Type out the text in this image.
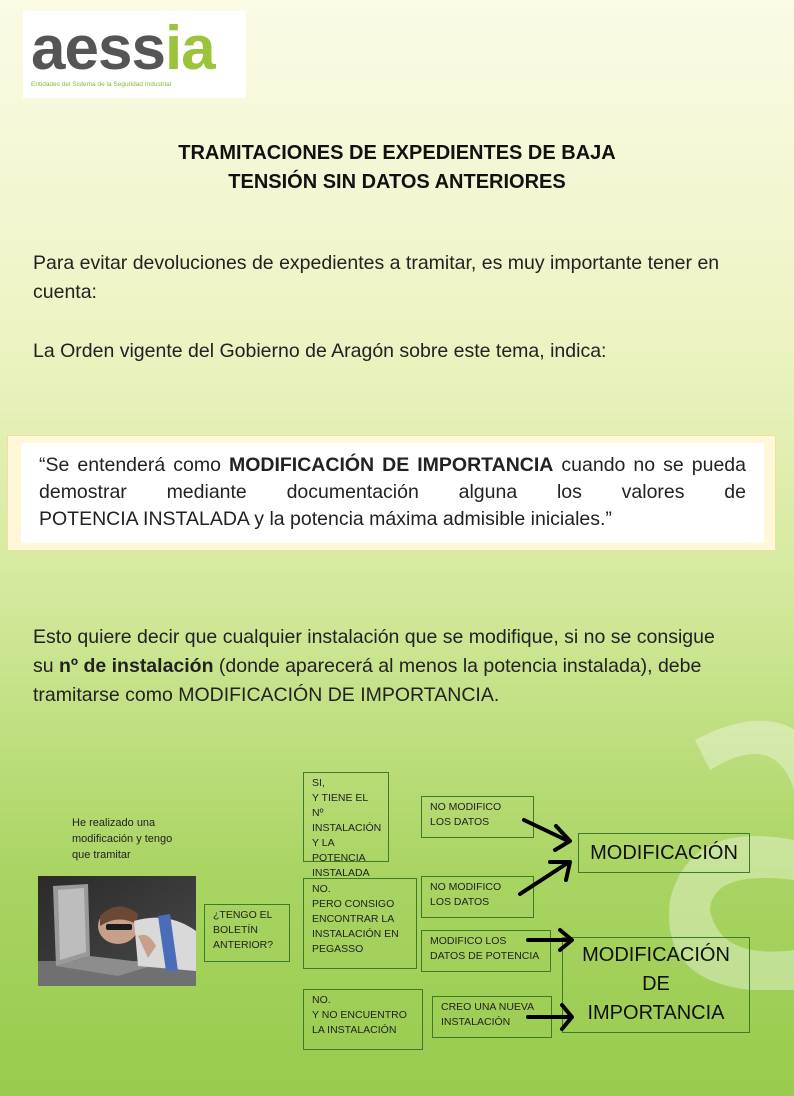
aessia
Entidades del Sistema de la Seguridad Industrial
TRAMITACIONES DE EXPEDIENTES DE BAJA
TENSIÓN SIN DATOS ANTERIORES
Para evitar devoluciones de expedientes a tramitar, es muy importante tener en cuenta:
La Orden vigente del Gobierno de Aragón sobre este tema, indica:
“Se entenderá como MODIFICACIÓN DE IMPORTANCIA cuando no se pueda demostrar mediante documentación alguna los valores de
POTENCIA INSTALADA y la potencia máxima admisible iniciales.”
Esto quiere decir que cualquier instalación que se modifique, si no se consigue su nº de instalación (donde aparecerá al menos la potencia instalada), debe tramitarse como MODIFICACIÓN DE IMPORTANCIA.
He realizado una modificación y tengo que tramitar
¿TENGO EL BOLETÍN ANTERIOR?
SI,
Y TIENE EL Nº INSTALACIÓN Y LA POTENCIA INSTALADA
NO.
PERO CONSIGO ENCONTRAR LA INSTALACIÓN EN PEGASSO
NO.
Y NO ENCUENTRO LA INSTALACIÓN
NO MODIFICO LOS DATOS
NO MODIFICO LOS DATOS
MODIFICO LOS DATOS DE POTENCIA
CREO UNA NUEVA INSTALACIÓN
MODIFICACIÓN
MODIFICACIÓN
DE
IMPORTANCIA
